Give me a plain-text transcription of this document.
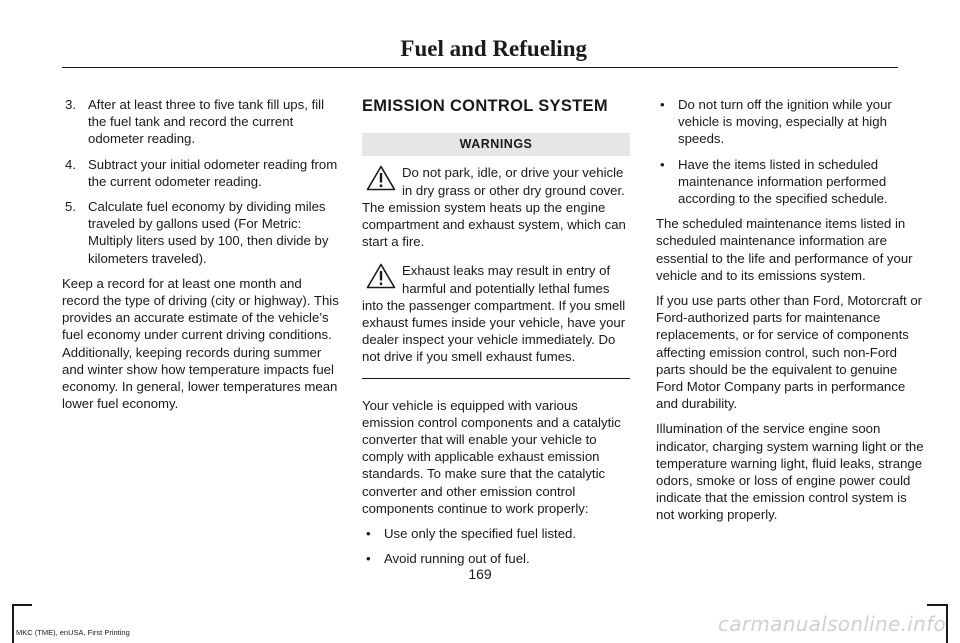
Fuel and Refueling
3. After at least three to five tank fill ups, fill the fuel tank and record the current odometer reading.
4. Subtract your initial odometer reading from the current odometer reading.
5. Calculate fuel economy by dividing miles traveled by gallons used (For Metric: Multiply liters used by 100, then divide by kilometers traveled).

Keep a record for at least one month and record the type of driving (city or highway). This provides an accurate estimate of the vehicle’s fuel economy under current driving conditions. Additionally, keeping records during summer and winter show how temperature impacts fuel economy. In general, lower temperatures mean lower fuel economy.

EMISSION CONTROL SYSTEM
WARNINGS
Do not park, idle, or drive your vehicle in dry grass or other dry ground cover. The emission system heats up the engine compartment and exhaust system, which can start a fire.
Exhaust leaks may result in entry of harmful and potentially lethal fumes into the passenger compartment. If you smell exhaust fumes inside your vehicle, have your dealer inspect your vehicle immediately. Do not drive if you smell exhaust fumes.

Your vehicle is equipped with various emission control components and a catalytic converter that will enable your vehicle to comply with applicable exhaust emission standards. To make sure that the catalytic converter and other emission control components continue to work properly:

• Use only the specified fuel listed.
• Avoid running out of fuel.
• Do not turn off the ignition while your vehicle is moving, especially at high speeds.
• Have the items listed in scheduled maintenance information performed according to the specified schedule.

The scheduled maintenance items listed in scheduled maintenance information are essential to the life and performance of your vehicle and to its emissions system.

If you use parts other than Ford, Motorcraft or Ford-authorized parts for maintenance replacements, or for service of components affecting emission control, such non-Ford parts should be the equivalent to genuine Ford Motor Company parts in performance and durability.

Illumination of the service engine soon indicator, charging system warning light or the temperature warning light, fluid leaks, strange odors, smoke or loss of engine power could indicate that the emission control system is not working properly.

169
MKC (TME), enUSA, First Printing	carmanualsonline.info
